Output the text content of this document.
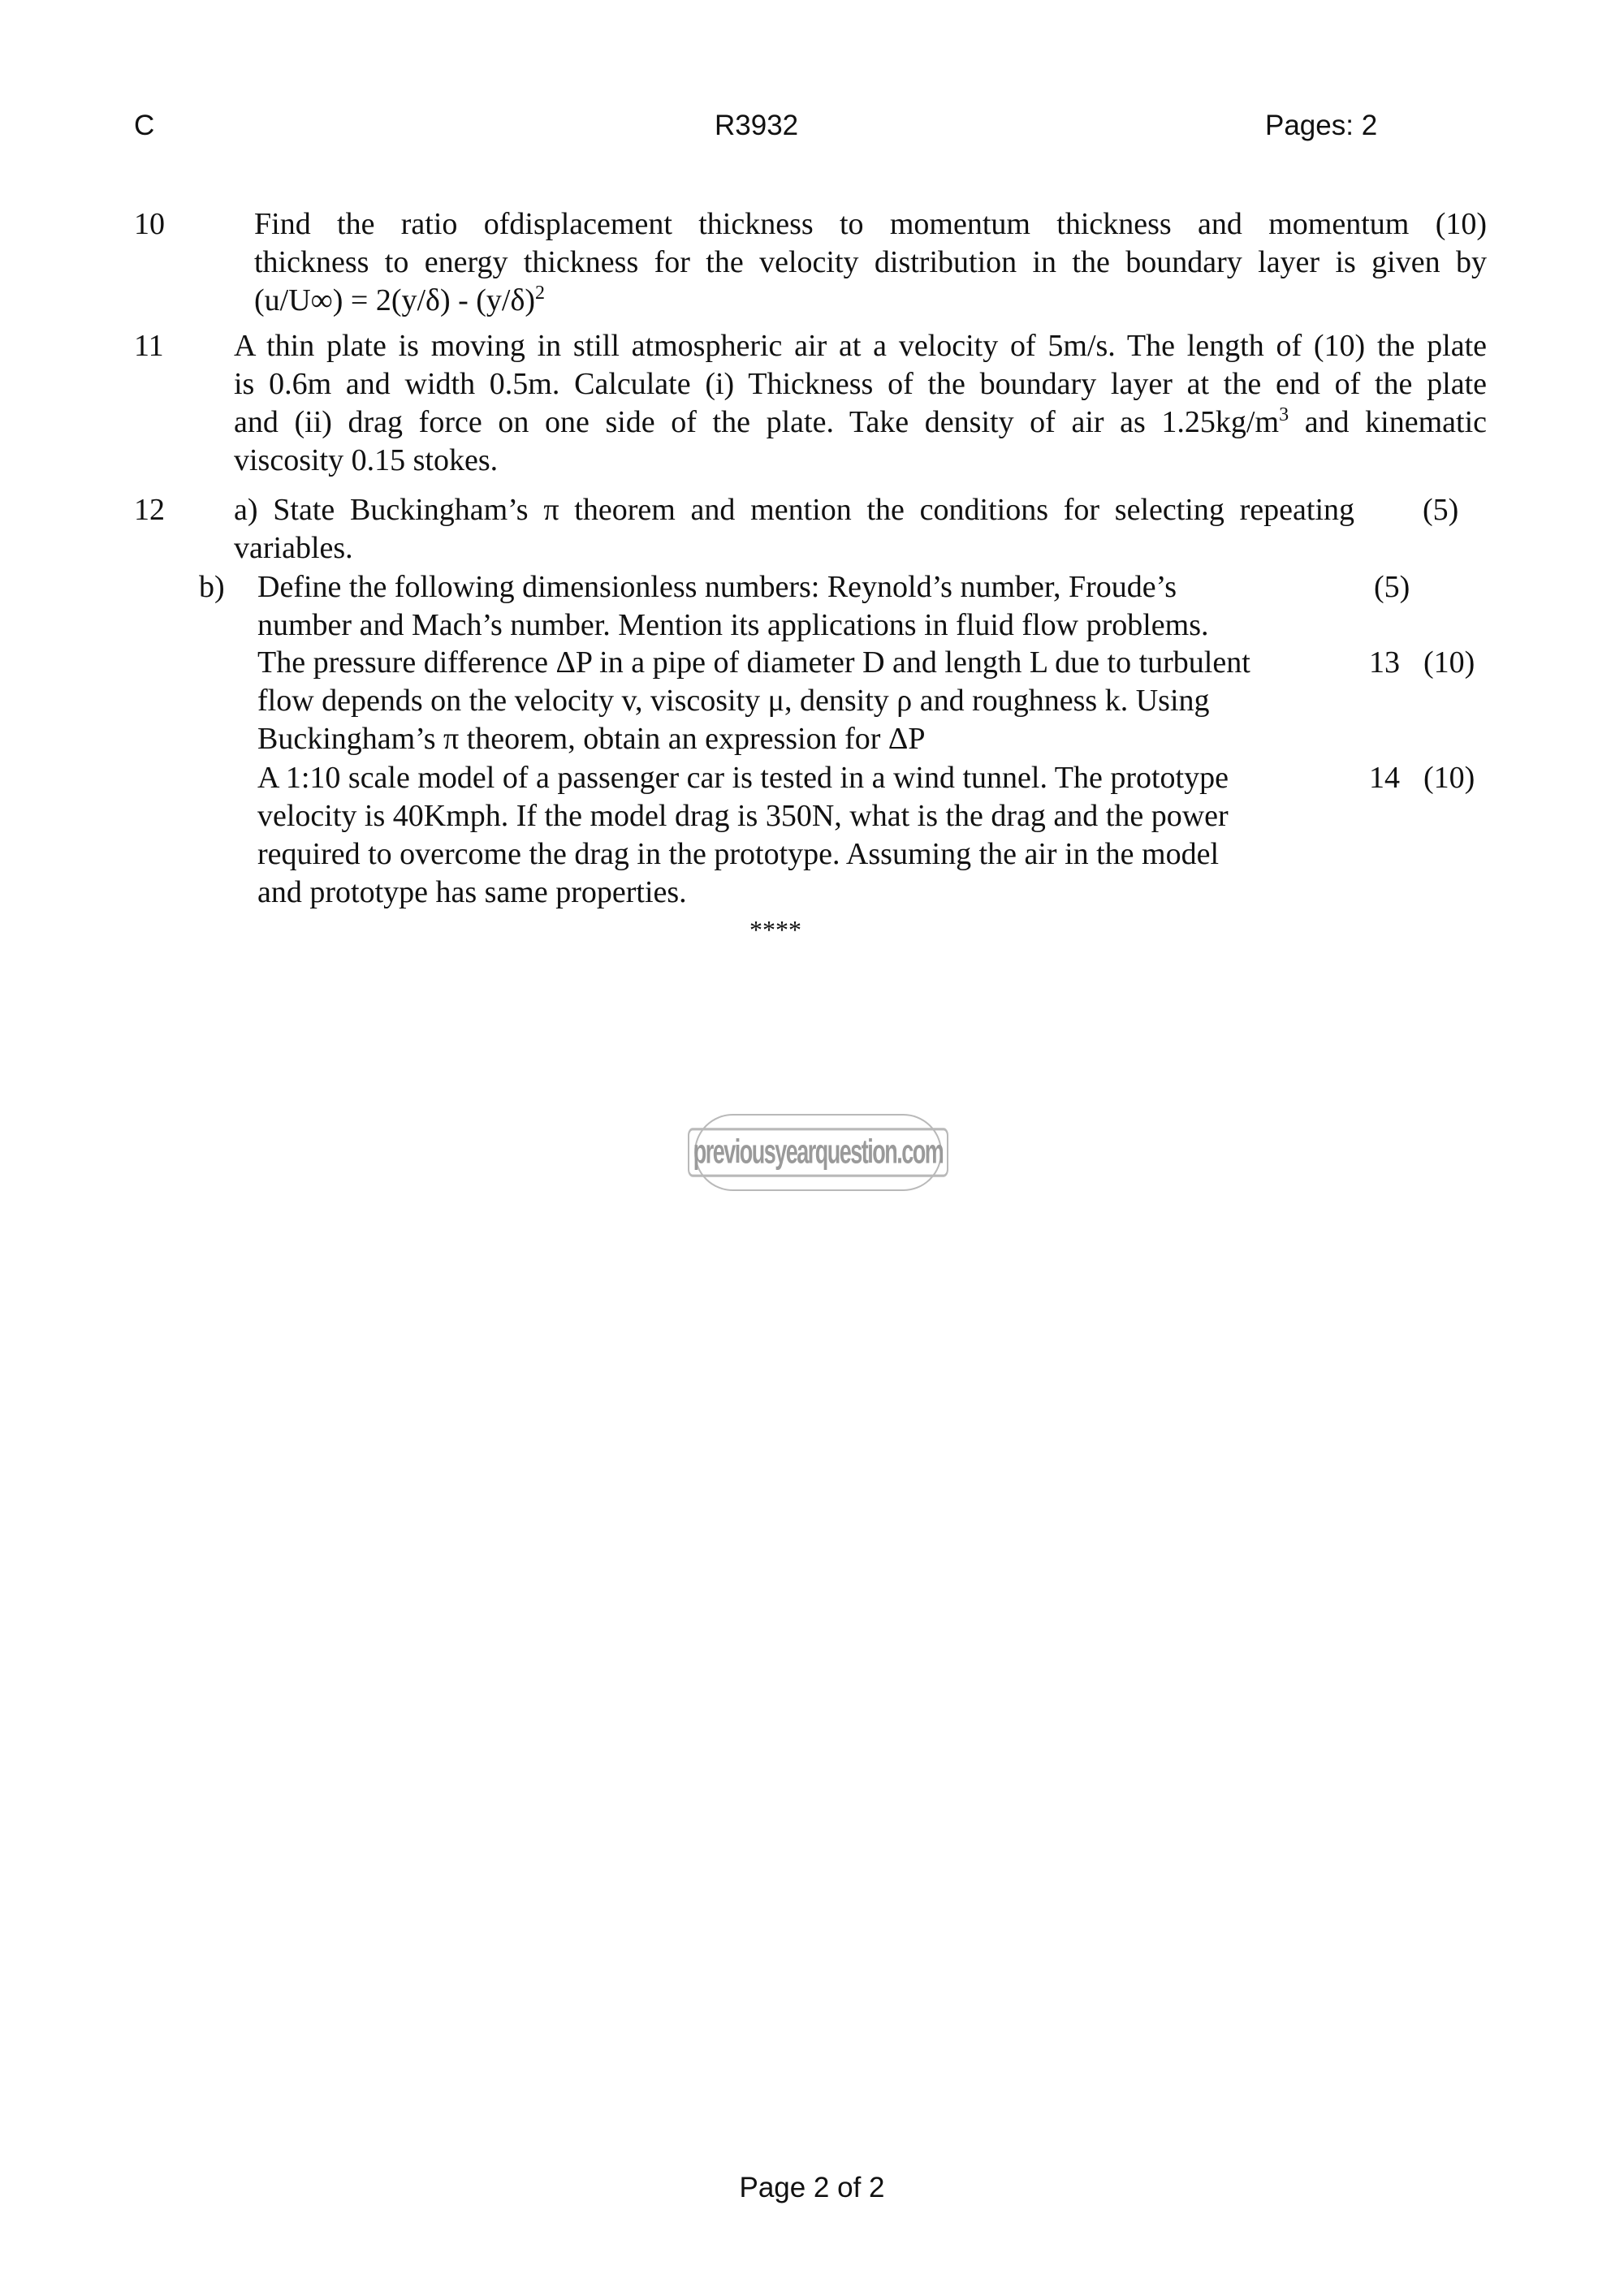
C	R3932	Pages: 2
10	Find the ratio ofdisplacement thickness to momentum thickness and momentum (10)
thickness to energy thickness for the velocity distribution in the boundary layer is given by
$(u/U\infty) = 2(y/\delta) - (y/\delta)^2$
11 A thin plate is moving in still atmospheric air at a velocity of 5m/s. The length of (10) the plate
is 0.6m and width 0.5m. Calculate (i) Thickness of the boundary layer at the end of the plate
and (ii) drag force on one side of the plate. Take density of air as $1.25kg/m^3$ and kinematic
viscosity 0.15 stokes.
12 a) State Buckingham’s π theorem and mention the conditions for selecting repeating
variables.
(5)
b) Define the following dimensionless numbers: Reynold’s number, Froude’s
number and Mach’s number. Mention its applications in fluid flow problems.
(5)
The pressure difference ΔP in a pipe of diameter D and length L due to turbulent
flow depends on the velocity v, viscosity μ, density ρ and roughness k. Using
Buckingham’s π theorem, obtain an expression for ΔP
13 (10)
A 1:10 scale model of a passenger car is tested in a wind tunnel. The prototype
velocity is 40Kmph. If the model drag is 350N, what is the drag and the power
required to overcome the drag in the prototype. Assuming the air in the model
and prototype has same properties.
14 (10)
****
previousyearquestion.com
Page 2 of 2
